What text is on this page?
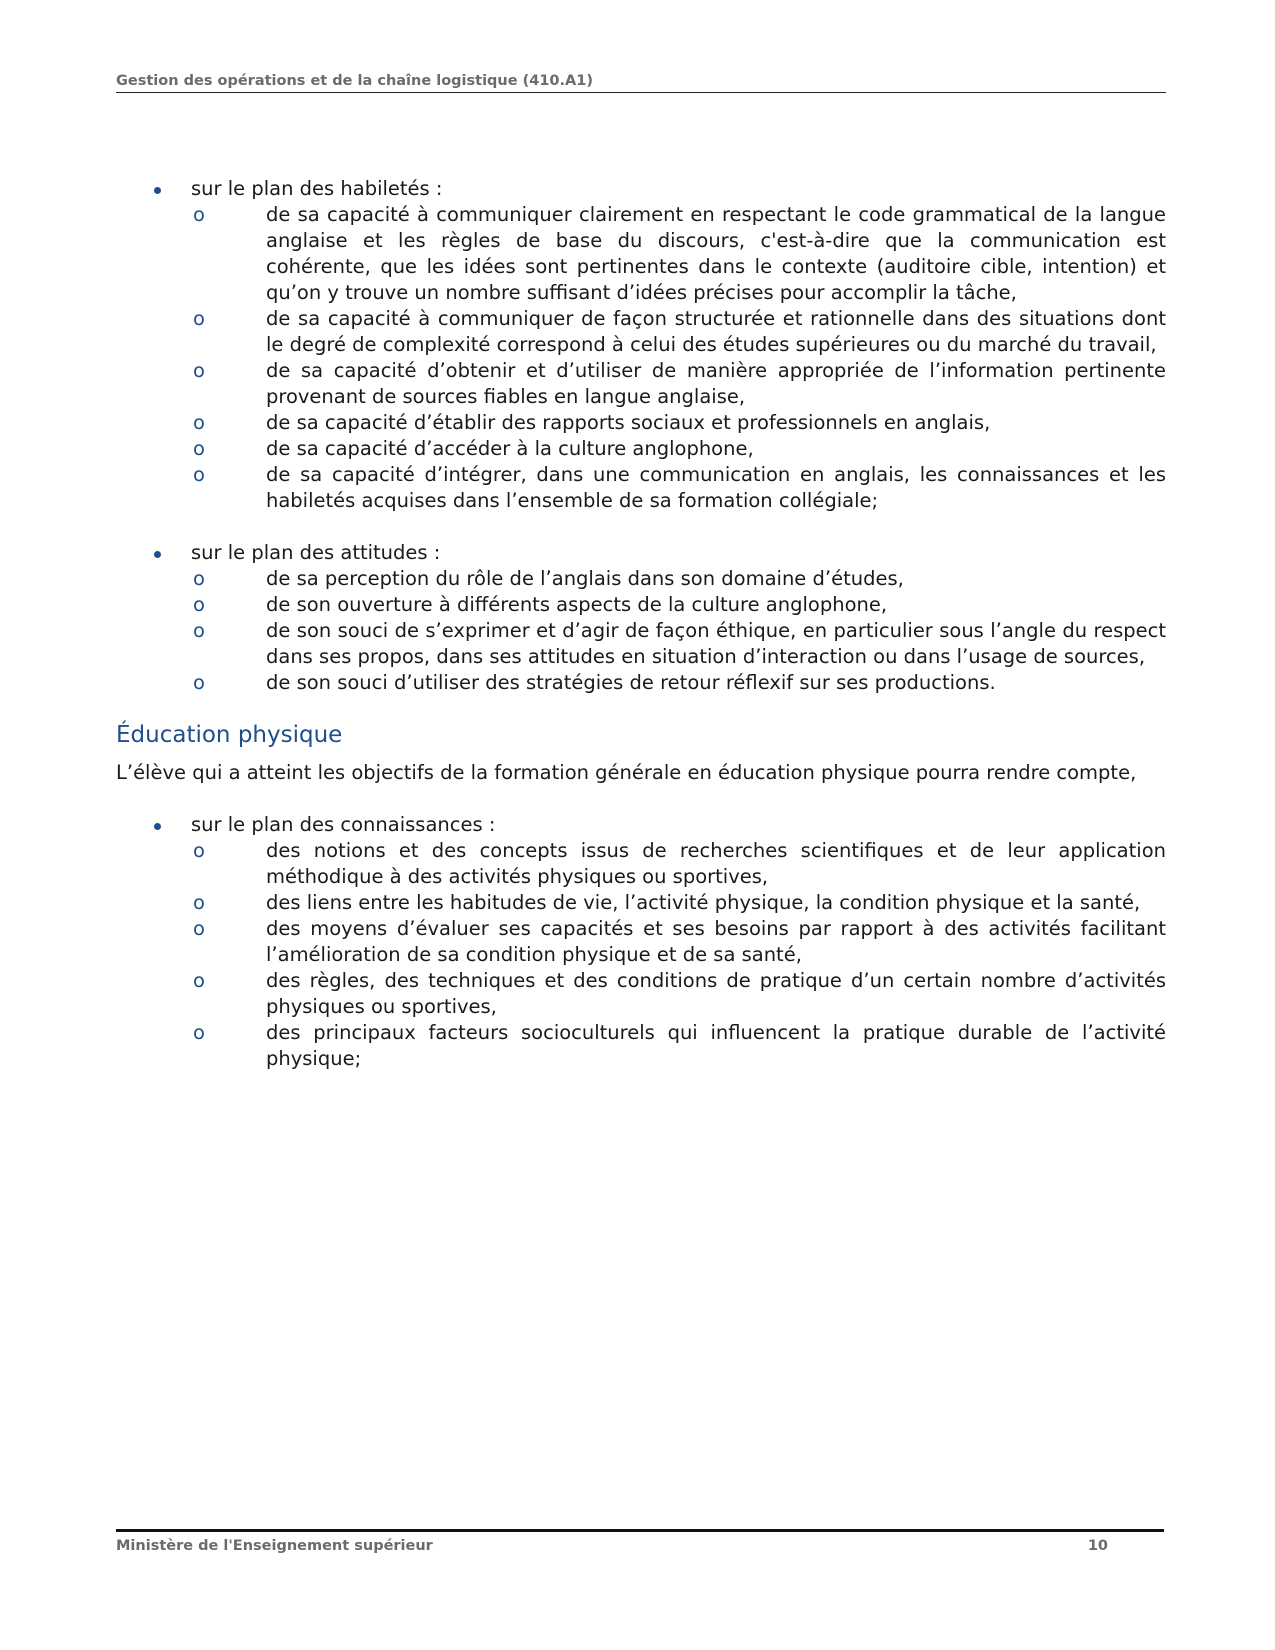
Gestion des opérations et de la chaîne logistique (410.A1)
sur le plan des habiletés :
o	de sa capacité à communiquer clairement en respectant le code grammatical de la langue anglaise et les règles de base du discours, c'est-à-dire que la communication est cohérente, que les idées sont pertinentes dans le contexte (auditoire cible, intention) et qu’on y trouve un nombre suffisant d’idées précises pour accomplir la tâche,
o	de sa capacité à communiquer de façon structurée et rationnelle dans des situations dont le degré de complexité correspond à celui des études supérieures ou du marché du travail,
o	de sa capacité d’obtenir et d’utiliser de manière appropriée de l’information pertinente provenant de sources fiables en langue anglaise,
o	de sa capacité d’établir des rapports sociaux et professionnels en anglais,
o	de sa capacité d’accéder à la culture anglophone,
o	de sa capacité d’intégrer, dans une communication en anglais, les connaissances et les habiletés acquises dans l’ensemble de sa formation collégiale;
sur le plan des attitudes :
o	de sa perception du rôle de l’anglais dans son domaine d’études,
o	de son ouverture à différents aspects de la culture anglophone,
o	de son souci de s’exprimer et d’agir de façon éthique, en particulier sous l’angle du respect dans ses propos, dans ses attitudes en situation d’interaction ou dans l’usage de sources,
o	de son souci d’utiliser des stratégies de retour réflexif sur ses productions.
Éducation physique

L’élève qui a atteint les objectifs de la formation générale en éducation physique pourra rendre compte,

sur le plan des connaissances :
o	des notions et des concepts issus de recherches scientifiques et de leur application méthodique à des activités physiques ou sportives,
o	des liens entre les habitudes de vie, l’activité physique, la condition physique et la santé,
o	des moyens d’évaluer ses capacités et ses besoins par rapport à des activités facilitant l’amélioration de sa condition physique et de sa santé,
o	des règles, des techniques et des conditions de pratique d’un certain nombre d’activités physiques ou sportives,
o	des principaux facteurs socioculturels qui influencent la pratique durable de l’activité physique;
Ministère de l'Enseignement supérieur	10
